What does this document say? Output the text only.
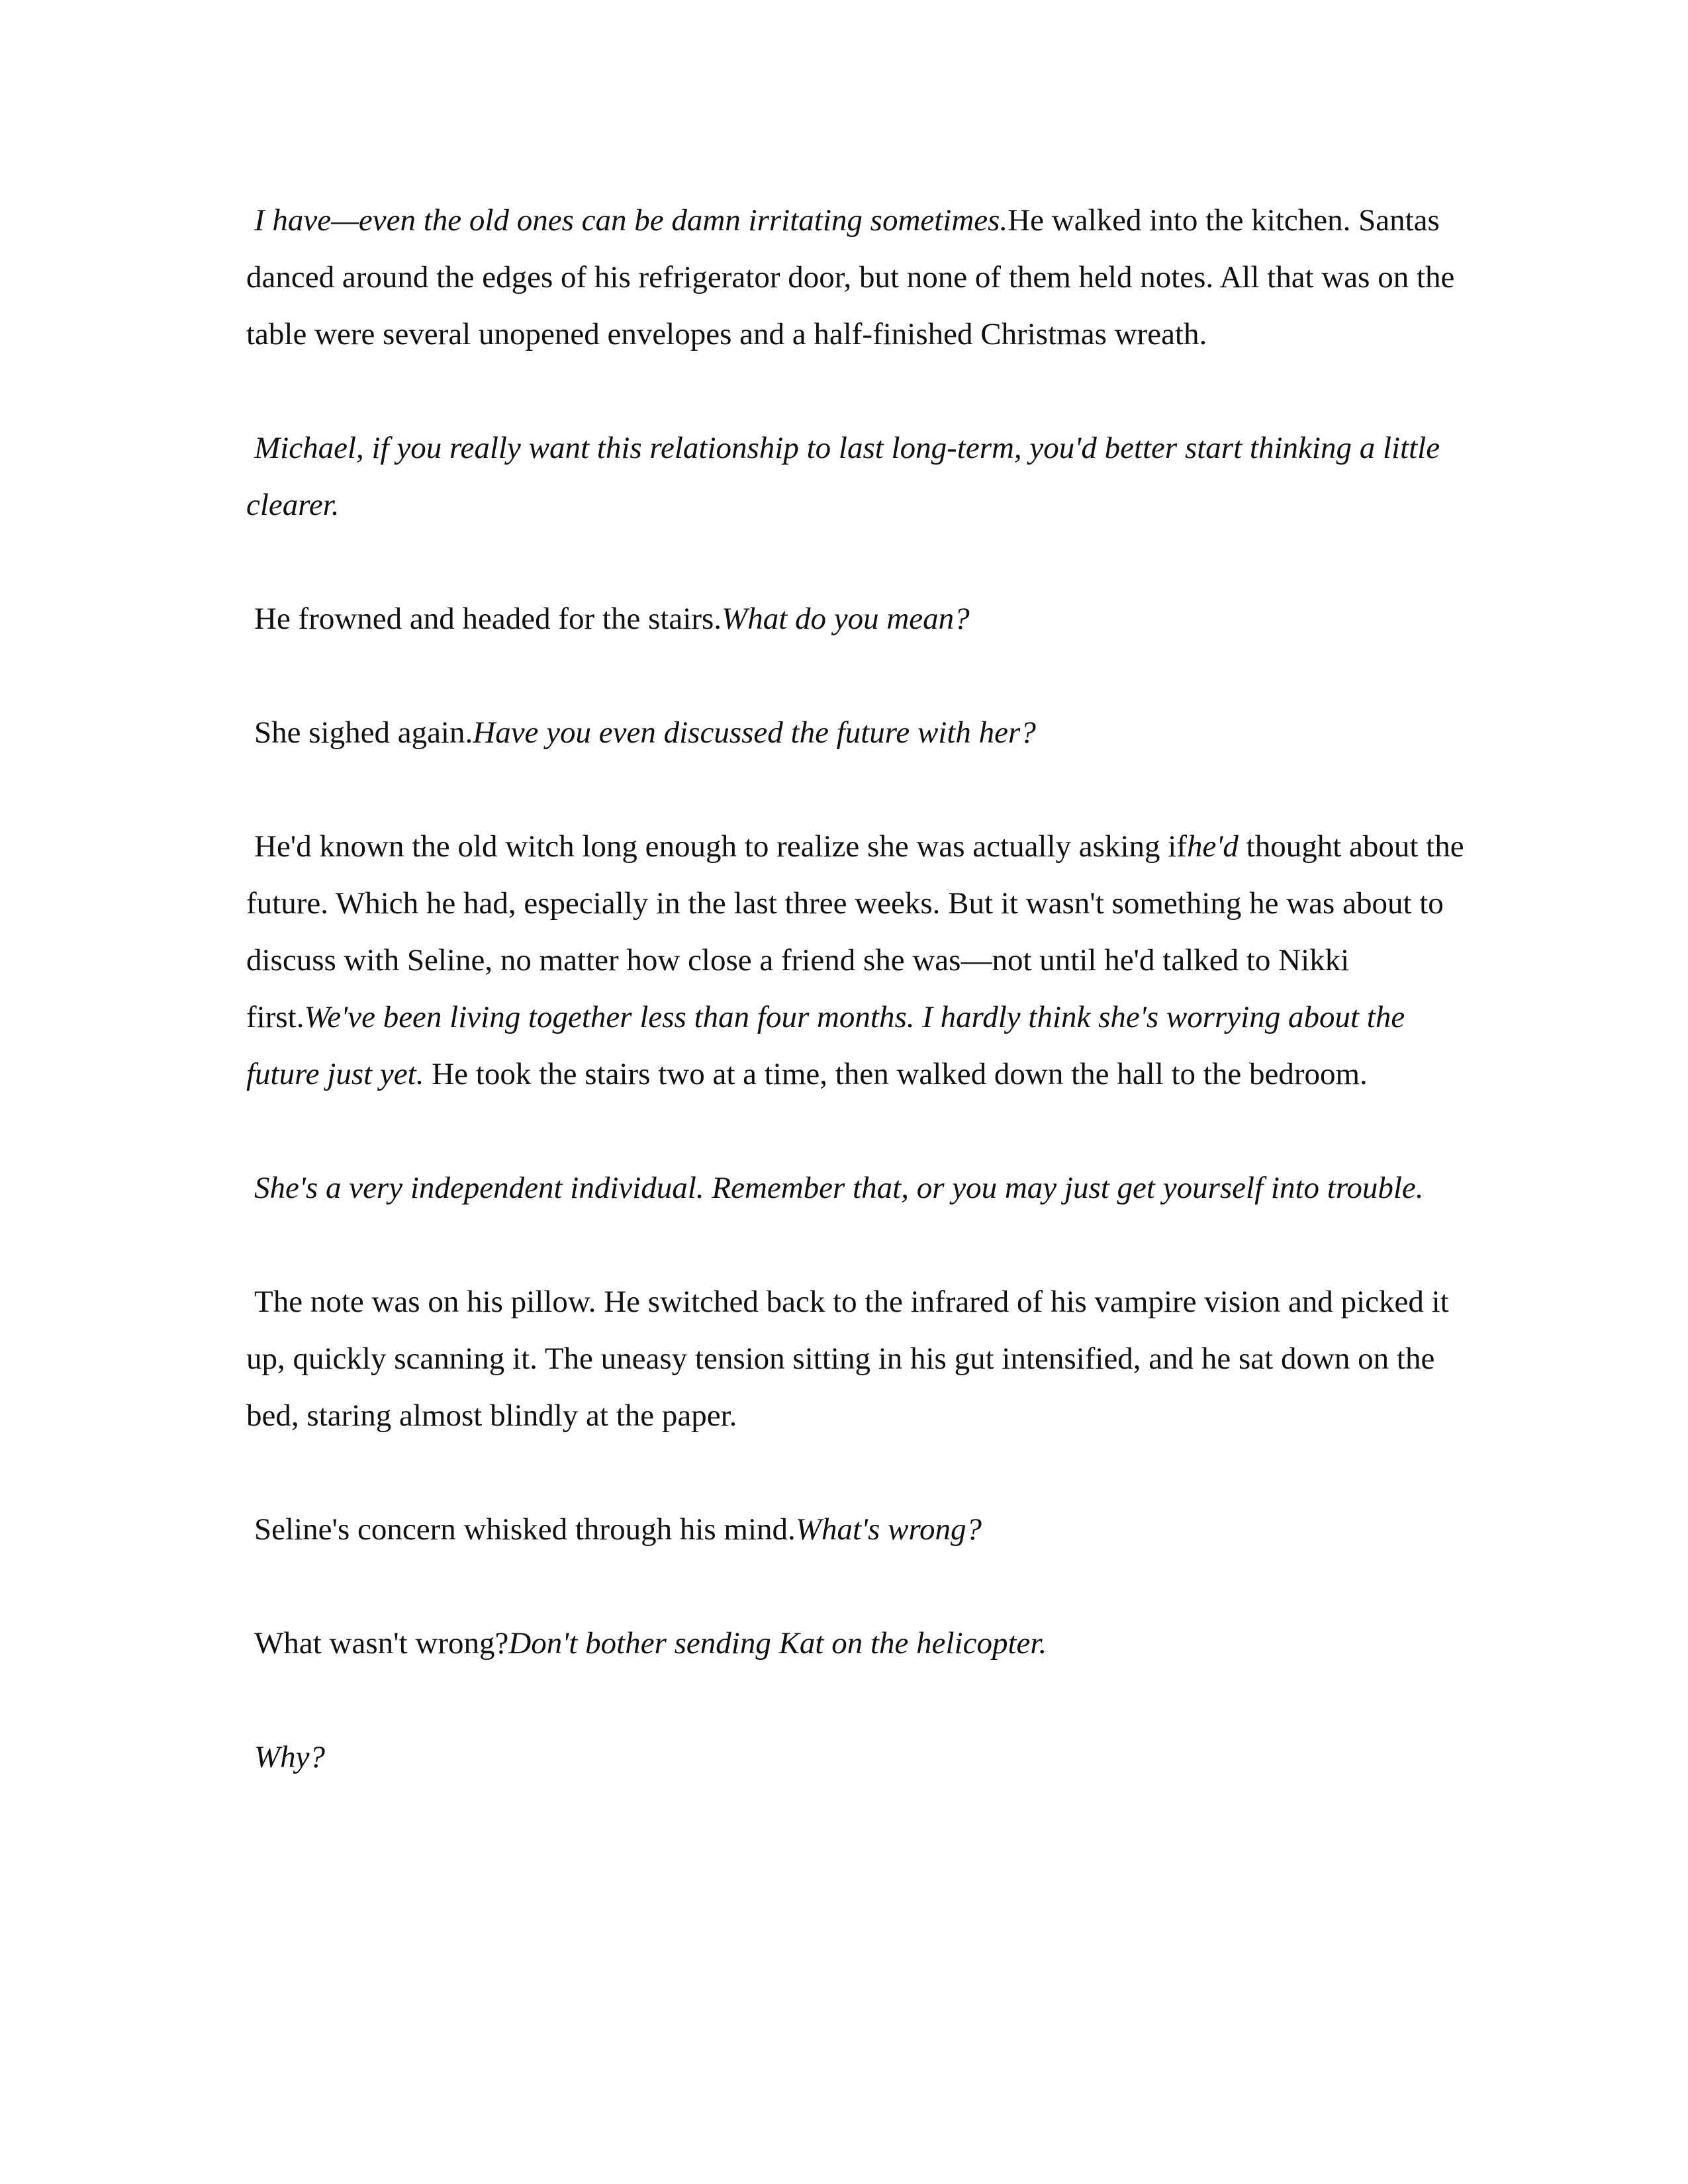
I have—even the old ones can be damn irritating sometimes.He walked into the kitchen. Santas danced around the edges of his refrigerator door, but none of them held notes. All that was on the table were several unopened envelopes and a half-finished Christmas wreath.

Michael, if you really want this relationship to last long-term, you'd better start thinking a little clearer.

He frowned and headed for the stairs.What do you mean?

She sighed again.Have you even discussed the future with her?

He'd known the old witch long enough to realize she was actually asking ifhe'd thought about the future. Which he had, especially in the last three weeks. But it wasn't something he was about to discuss with Seline, no matter how close a friend she was—not until he'd talked to Nikki first.We've been living together less than four months. I hardly think she's worrying about the future just yet. He took the stairs two at a time, then walked down the hall to the bedroom.

She's a very independent individual. Remember that, or you may just get yourself into trouble.

The note was on his pillow. He switched back to the infrared of his vampire vision and picked it up, quickly scanning it. The uneasy tension sitting in his gut intensified, and he sat down on the bed, staring almost blindly at the paper.

Seline's concern whisked through his mind.What's wrong?

What wasn't wrong?Don't bother sending Kat on the helicopter.

Why?
